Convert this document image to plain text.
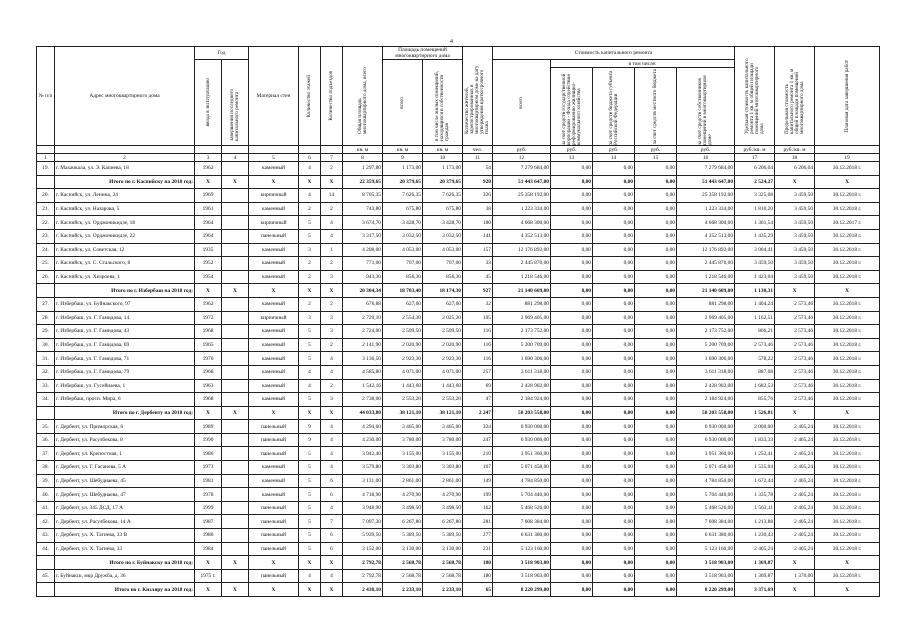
4
№ п/п	Адрес многоквартирного дома	Год		Материал стен	Количество этажей	Количество подъездов	Общая площадь многоквартирного дома, всего	Площадь помещений многоквартирного дома		Количество жителей, зарегистрированных в многоквартирном доме на дату утверждения краткосрочного плана	Стоимость капитального ремонта					Удельная стоимость капитального ремонта 1 кв. м общей площади помещений многоквартирного дома	Предельная стоимость капитального ремонта 1 кв. м общей площади помещений многоквартирного дома	Плановая дата завершения работ

		ввода в эксплуатацию	завершения последнего капитального ремонта					всего	в том числе жилых помещений, находящихся в собственности граждан		всего	в том числе:						

												за счет средств государственной корпорации - Фонда содействия реформированию жилищно-коммунального хозяйства	за счет средств бюджета субъекта Российской Федерации	за счет средств местного бюджета	за счет средств собственников помещений в многоквартирном доме			

							кв. м	кв. м	кв. м	чел.	руб.	руб.	руб.	руб.	руб.	руб./кв. м	руб./кв. м	
1	2	3	4	5	6	7	8	9	10	11	12	13	14	15	16	17	18	19
19.	г. Махачкала, ул. Э. Капиева, 18	1962		каменный	4	2	1 297,80	1 173,00	1 173,00	54	7 279 684,00	0,00	0,00	0,00	7 279 684,00	6 206,04	6 206,04	30.12.2018 г.
	Итого по г. Каспийску на 2018 год:	X	X	X	X	X	22 359,65	20 379,65	20 379,65	920	51 443 647,00	0,00	0,00	0,00	51 443 647,00	2 524,27	X	X
20.	г. Каспийск, ул. Ленина, 24	1969		кирпичный	4	14	8 705,35	7 626,35	7 626,35	326	25 358 192,00	0,00	0,00	0,00	25 358 192,00	3 325,08	3 459,50	30.12.2018 г.
21.	г. Каспийск, ул. Назарова, 5	1961		каменный	2	2	743,80	675,80	675,80	38	1 223 334,00	0,00	0,00	0,00	1 223 334,00	1 810,20	3 459,50	30.12.2018 г.
22.	г. Каспийск, ул. Орджоникидзе, 18	1964		кирпичный	5	4	3 674,70	3 428,70	3 428,70	180	4 668 300,00	0,00	0,00	0,00	4 668 300,00	1 361,54	3 459,50	30.12.2017 г.
23.	г. Каспийск, ул. Орджоникидзе, 22	1964		панельный	5	4	3 317,50	3 032,50	3 032,50	141	4 352 513,00	0,00	0,00	0,00	4 352 513,00	1 435,29	3 459,50	30.12.2018 г.
24.	г. Каспийск, ул. Советская, 12	1935		каменный	3	1	4 208,00	4 053,00	4 053,00	157	12 176 892,00	0,00	0,00	0,00	12 176 892,00	3 004,41	3 459,50	30.12.2018 г.
25.	г. Каспийск, ул. С. Стальского, 8	1952		каменный	2	2	771,00	707,00	707,00	33	2 445 870,00	0,00	0,00	0,00	2 445 870,00	3 459,50	3 459,50	30.12.2018 г.
26.	г. Каспийск, ул. Хизроева, 1	1954		каменный	2	3	943,30	856,30	856,30	45	1 218 546,00	0,00	0,00	0,00	1 218 546,00	1 423,04	3 459,50	30.12.2018 г.
	Итого по г. Избербаш на 2018 год:	X	X	X	X	X	20 304,34	18 703,40	18 174,30	927	21 140 609,00	0,00	0,00	0,00	21 140 609,00	1 130,31	X	X
27.	г. Избербаш, ул. Буйнакского, 97	1962		каменный	2	2	676,88	627,60	627,60	32	881 298,00	0,00	0,00	0,00	881 298,00	1 404,24	2 573,46	30.12.2018 г.
28.	г. Избербаш, ул. Г. Гамидова, 14	1972		кирпичный	3	3	2 729,10	2 554,30	2 025,20	105	2 969 405,00	0,00	0,00	0,00	2 969 405,00	1 162,51	2 573,46	30.12.2018 г.
29.	г. Избербаш, ул. Г. Гамидова, 43	1968		каменный	5	3	2 724,00	2 509,50	2 509,50	116	2 173 752,00	0,00	0,00	0,00	2 173 752,00	866,21	2 573,46	30.12.2018 г.
30.	г. Избербаш, ул. Г. Гамидова, 69	1965		каменный	5	2	2 141,90	2 020,90	2 020,90	116	5 200 709,00	0,00	0,00	0,00	5 200 709,00	2 573,46	2 573,46	30.12.2018 г.
31.	г. Избербаш, ул. Г. Гамидова, 71	1970		каменный	5	4	3 136,50	2 923,30	2 923,30	116	1 690 306,00	0,00	0,00	0,00	1 690 306,00	578,22	2 573,46	30.12.2018 г.
32.	г. Избербаш, ул. Г. Гамидова, 79	1968		каменный	4	4	4 585,80	4 071,00	4 071,00	257	3 611 318,00	0,00	0,00	0,00	3 611 318,00	887,08	2 573,46	30.12.2018 г.
33.	г. Избербаш, ул. Гусейнаева, 1	1963		каменный	4	2	1 542,16	1 443,60	1 443,60	69	2 428 902,00	0,00	0,00	0,00	2 428 902,00	1 682,53	2 573,46	30.12.2018 г.
34.	г. Избербаш, просп. Мира, 6	1968		каменный	5	3	2 738,00	2 553,20	2 553,20	47	2 184 924,00	0,00	0,00	0,00	2 184 924,00	855,76	2 573,46	30.12.2018 г.
	Итого по г. Дербенту на 2018 год:	X	X	X	X	X	44 033,80	38 121,10	38 121,10	2 247	58 203 558,00	0,00	0,00	0,00	58 203 558,00	1 526,81	X	X
35.	г. Дербент, ул. Приморская, 6	1989		панельный	9	4	4 294,60	3 465,00	3 465,00	324	6 930 000,00	0,00	0,00	0,00	6 930 000,00	2 000,00	2 405,24	30.12.2018 г.
36.	г. Дербент, ул. Расулбекова, 8	1990		панельный	9	4	4 230,00	3 780,00	3 780,00	247	6 930 000,00	0,00	0,00	0,00	6 930 000,00	1 833,33	2 405,24	30.12.2018 г.
37.	г. Дербент, ул. Крепостная, 1	1986		панельный	5	4	3 942,40	3 155,00	3 155,00	210	3 951 360,00	0,00	0,00	0,00	3 951 360,00	1 252,41	2 405,24	30.12.2018 г.
38.	г. Дербент, ул. Г. Гасанова, 5 А	1973		каменный	5	4	3 579,80	3 303,80	3 303,80	167	5 071 458,00	0,00	0,00	0,00	5 071 458,00	1 535,04	2 405,24	30.12.2018 г.
39.	г. Дербент, ул. Шебуднаева, 45	1981		каменный	5	6	3 131,00	2 861,00	2 861,00	149	4 784 850,00	0,00	0,00	0,00	4 784 850,00	1 672,44	2 405,24	30.12.2018 г.
40.	г. Дербент, ул. Шебуднаева, 47	1978		каменный	5	6	4 718,90	4 270,90	4 270,90	199	5 704 440,00	0,00	0,00	0,00	5 704 440,00	1 335,78	2 405,24	30.12.2018 г.
41.	г. Дербент, ул. 345 ДСД, 17 А	1999		панельный	5	4	3 948,90	3 498,50	3 498,50	162	5 468 526,00	0,00	0,00	0,00	5 468 526,00	1 563,11	2 405,24	30.12.2018 г.
42.	г. Дербент, ул. Расулбекова, 14 А	1987		панельный	5	7	7 097,30	6 267,80	6 267,80	281	7 608 384,00	0,00	0,00	0,00	7 608 384,00	1 213,88	2 405,24	30.12.2018 г.
43.	г. Дербент, ул. Х. Тагиева, 33 В	1986		панельный	5	6	5 939,50	5 389,50	5 389,50	277	6 631 380,00	0,00	0,00	0,00	6 631 380,00	1 230,43	2 405,24	30.12.2018 г.
44.	г. Дербент, ул. Х. Тагиева, 33	1984		панельный	5	6	3 152,00	2 130,00	2 130,00	231	5 123 160,00	0,00	0,00	0,00	5 123 160,00	2 405,24	2 405,24	30.12.2018 г.
	Итого по г. Буйнакску на 2018 год:	X	X	X	X	X	2 792,78	2 568,78	2 568,78	180	3 518 903,00	0,00	0,00	0,00	3 518 903,00	1 369,87	X	X
45.	г. Буйнакск, мкр Дружба, д. 36	1975 г.		панельный	4	4	2 792,78	2 568,78	2 568,78	180	3 518 903,00	0,00	0,00	0,00	3 518 903,00	1 369,87	1 370,00	30.12.2018 г.
	Итого по г. Кизляру на 2018 год:	X	X	X	X	X	2 438,10	2 233,10	2 233,10	65	8 220 299,00	0,00	0,00	0,00	8 220 299,00	3 371,69	X	X
